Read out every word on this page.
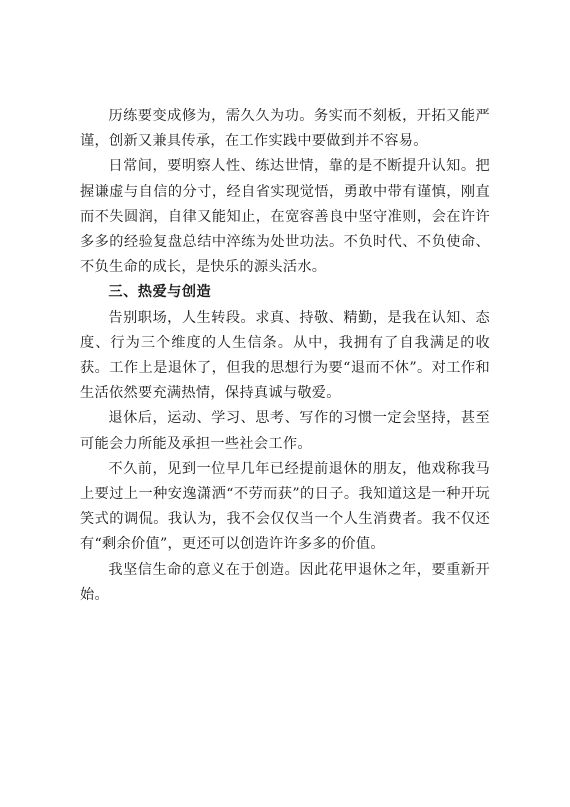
历练要变成修为，需久久为功。务实而不刻板，开拓又能严谨，创新又兼具传承，在工作实践中要做到并不容易。

日常间，要明察人性、练达世情，靠的是不断提升认知。把握谦虚与自信的分寸，经自省实现觉悟，勇敢中带有谨慎，刚直而不失圆润，自律又能知止，在宽容善良中坚守准则，会在许许多多的经验复盘总结中淬练为处世功法。不负时代、不负使命、不负生命的成长，是快乐的源头活水。

三、热爱与创造

告别职场，人生转段。求真、持敬、精勤，是我在认知、态度、行为三个维度的人生信条。从中，我拥有了自我满足的收获。工作上是退休了，但我的思想行为要“退而不休”。对工作和生活依然要充满热情，保持真诚与敬爱。

退休后，运动、学习、思考、写作的习惯一定会坚持，甚至可能会力所能及承担一些社会工作。

不久前，见到一位早几年已经提前退休的朋友，他戏称我马上要过上一种安逸潇洒“不劳而获”的日子。我知道这是一种开玩笑式的调侃。我认为，我不会仅仅当一个人生消费者。我不仅还有“剩余价值”，更还可以创造许许多多的价值。

我坚信生命的意义在于创造。因此花甲退休之年，要重新开始。
